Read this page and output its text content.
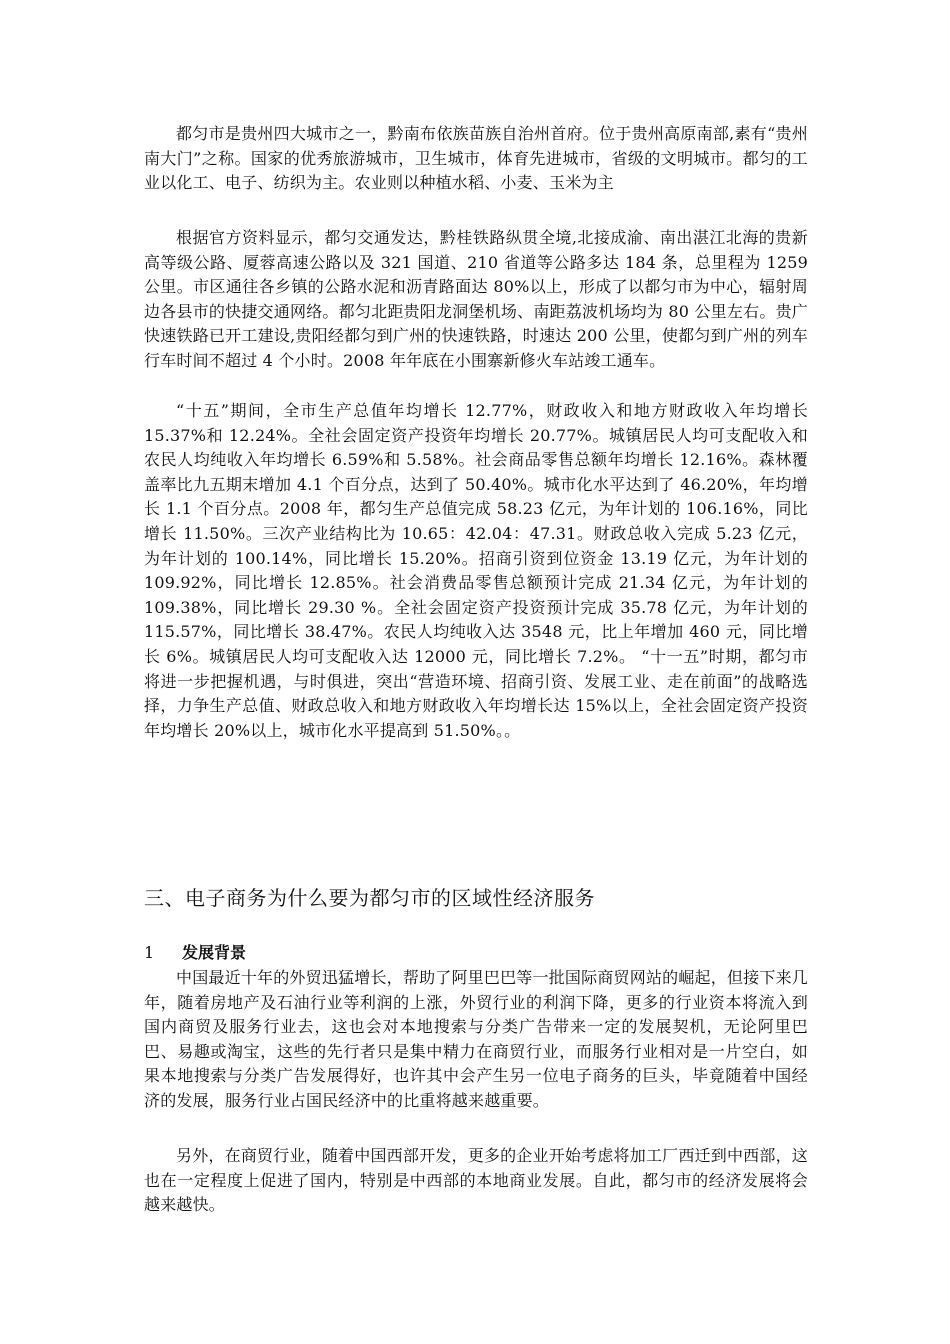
都匀市是贵州四大城市之一，黔南布依族苗族自治州首府。位于贵州高原南部,素有“贵州南大门”之称。国家的优秀旅游城市，卫生城市，体育先进城市，省级的文明城市。都匀的工业以化工、电子、纺织为主。农业则以种植水稻、小麦、玉米为主

根据官方资料显示，都匀交通发达，黔桂铁路纵贯全境,北接成渝、南出湛江北海的贵新高等级公路、厦蓉高速公路以及 321 国道、210 省道等公路多达 184 条，总里程为 1259 公里。市区通往各乡镇的公路水泥和沥青路面达 80%以上，形成了以都匀市为中心，辐射周边各县市的快捷交通网络。都匀北距贵阳龙洞堡机场、南距荔波机场均为 80 公里左右。贵广快速铁路已开工建设,贵阳经都匀到广州的快速铁路，时速达 200 公里，使都匀到广州的列车行车时间不超过 4 个小时。2008 年年底在小围寨新修火车站竣工通车。

“十五”期间，全市生产总值年均增长 12.77%，财政收入和地方财政收入年均增长 15.37%和 12.24%。全社会固定资产投资年均增长 20.77%。城镇居民人均可支配收入和农民人均纯收入年均增长 6.59%和 5.58%。社会商品零售总额年均增长 12.16%。森林覆盖率比九五期末增加 4.1 个百分点，达到了 50.40%。城市化水平达到了 46.20%，年均增长 1.1 个百分点。2008 年，都匀生产总值完成 58.23 亿元，为年计划的 106.16%，同比增长 11.50%。三次产业结构比为 10.65：42.04：47.31。财政总收入完成 5.23 亿元，为年计划的 100.14%，同比增长 15.20%。招商引资到位资金 13.19 亿元，为年计划的 109.92%，同比增长 12.85%。社会消费品零售总额预计完成 21.34 亿元，为年计划的 109.38%，同比增长 29.30 %。全社会固定资产投资预计完成 35.78 亿元，为年计划的 115.57%，同比增长 38.47%。农民人均纯收入达 3548 元，比上年增加 460 元，同比增长 6%。城镇居民人均可支配收入达 12000 元，同比增长 7.2%。 “十一五”时期，都匀市将进一步把握机遇，与时俱进，突出“营造环境、招商引资、发展工业、走在前面”的战略选择，力争生产总值、财政总收入和地方财政收入年均增长达 15%以上，全社会固定资产投资年均增长 20%以上，城市化水平提高到 51.50%。。

三、电子商务为什么要为都匀市的区域性经济服务
1 发展背景

中国最近十年的外贸迅猛增长，帮助了阿里巴巴等一批国际商贸网站的崛起，但接下来几年，随着房地产及石油行业等利润的上涨，外贸行业的利润下降，更多的行业资本将流入到国内商贸及服务行业去，这也会对本地搜索与分类广告带来一定的发展契机，无论阿里巴巴、易趣或淘宝，这些的先行者只是集中精力在商贸行业，而服务行业相对是一片空白，如果本地搜索与分类广告发展得好，也许其中会产生另一位电子商务的巨头，毕竟随着中国经济的发展，服务行业占国民经济中的比重将越来越重要。

另外，在商贸行业，随着中国西部开发，更多的企业开始考虑将加工厂西迁到中西部，这也在一定程度上促进了国内，特别是中西部的本地商业发展。自此，都匀市的经济发展将会越来越快。
